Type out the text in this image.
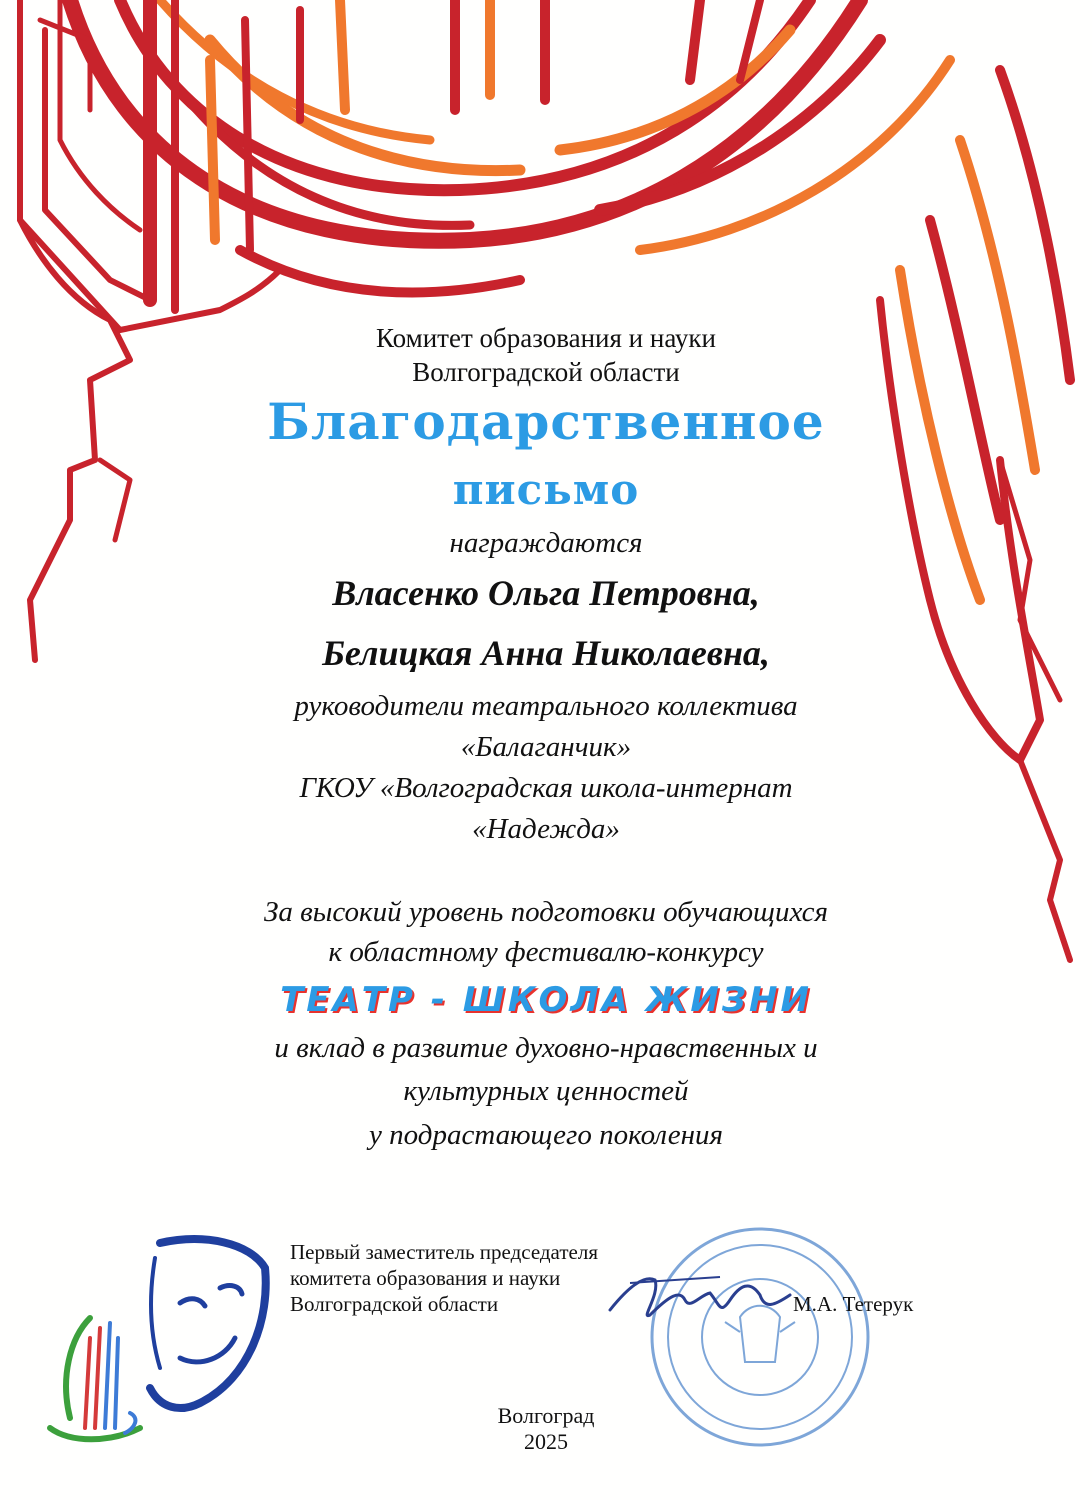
Комитет образования и науки
Волгоградской области
Благодарственное
письмо
награждаются
Власенко Ольга Петровна,
Белицкая Анна Николаевна,
руководители театрального коллектива
«Балаганчик»
ГКОУ «Волгоградская школа-интернат
«Надежда»
За высокий уровень подготовки обучающихся
к областному фестивалю-конкурсу
ТЕАТР - ШКОЛА ЖИЗНИ
и вклад в развитие духовно-нравственных и
культурных ценностей
у подрастающего поколения
Первый заместитель председателя
комитета образования и науки
Волгоградской области	М.А. Тетерук
Волгоград
2025
